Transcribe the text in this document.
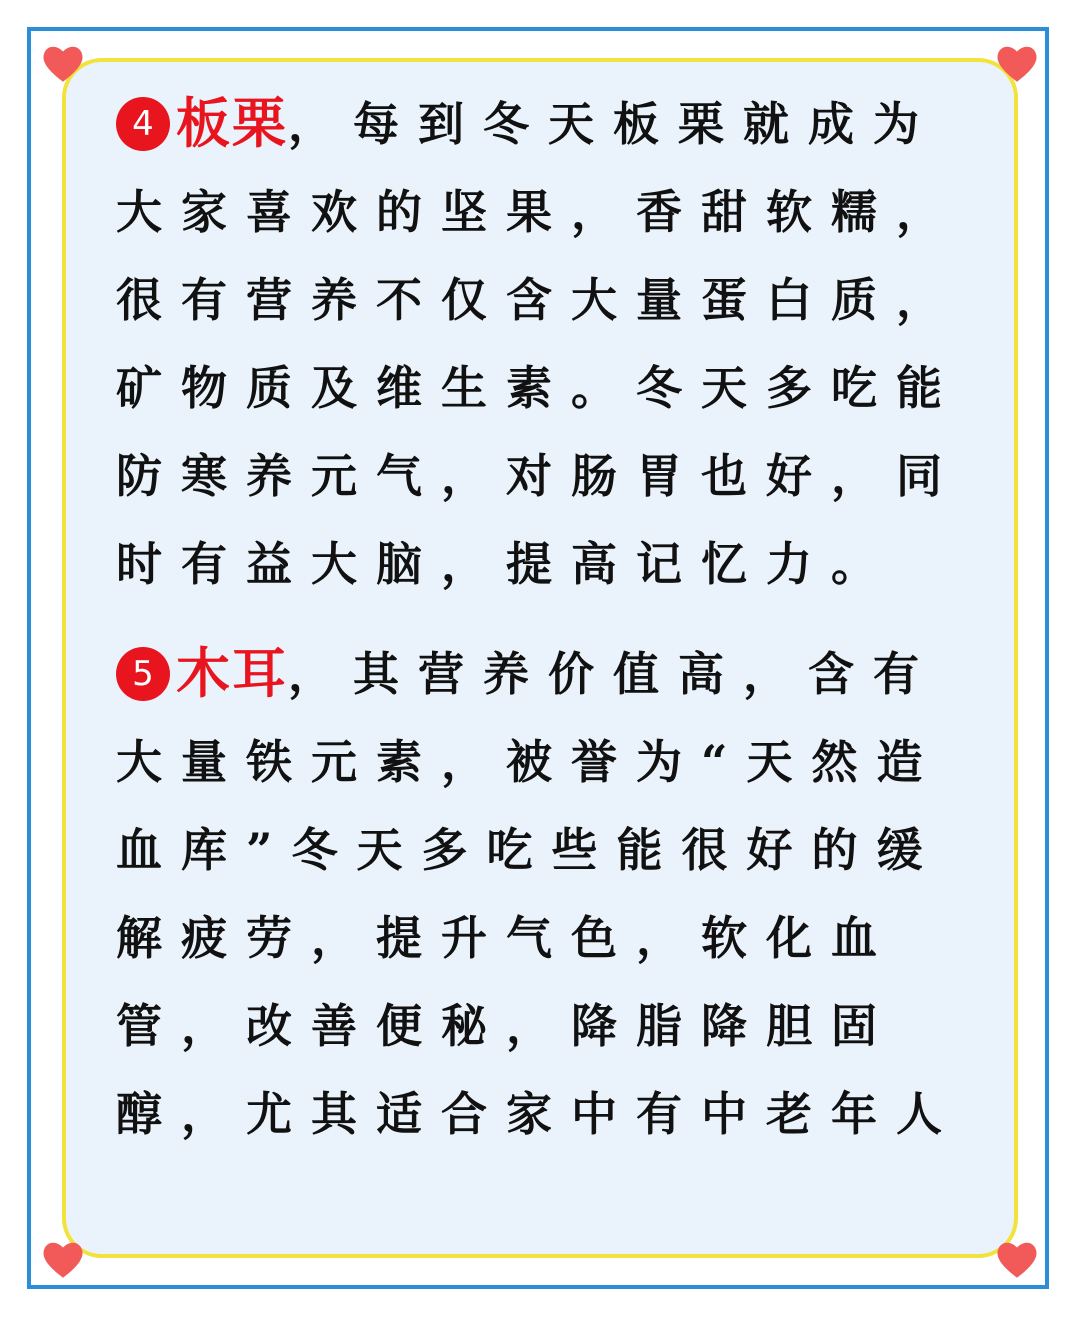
4 板栗 ，每到冬天板栗就成为
大家喜欢的坚果，香甜软糯，
很有营养不仅含大量蛋白质，
矿物质及维生素。冬天多吃能
防寒养元气，对肠胃也好，同
时有益大脑，提高记忆力。
5 木耳 ，其营养价值高，含有
大量铁元素，被誉为“天然造
血库”冬天多吃些能很好的缓
解疲劳，提升气色，软化血
管，改善便秘，降脂降胆固
醇，尤其适合家中有中老年人
